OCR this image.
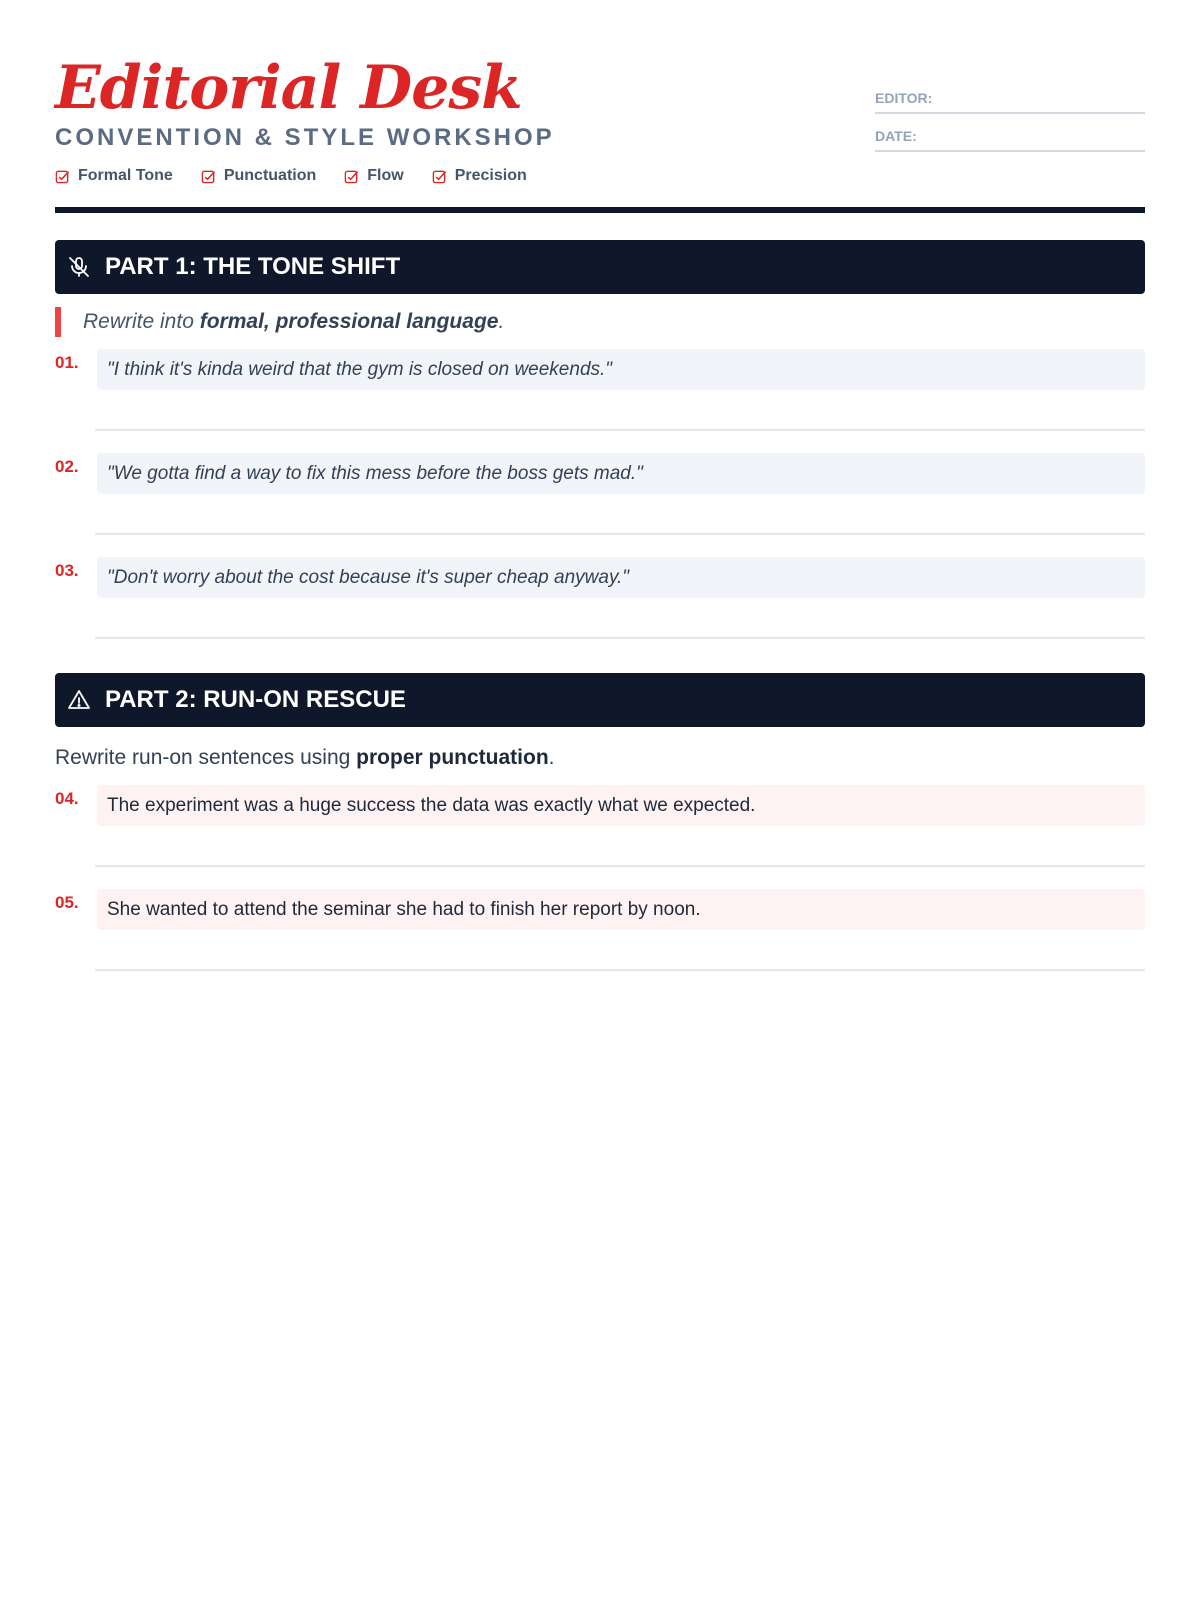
Editorial Desk
CONVENTION & STYLE WORKSHOP
Formal Tone	Punctuation	Flow	Precision
EDITOR:
DATE:
PART 1: THE TONE SHIFT
Rewrite into formal, professional language.
01.	"I think it's kinda weird that the gym is closed on weekends."
02.	"We gotta find a way to fix this mess before the boss gets mad."
03.	"Don't worry about the cost because it's super cheap anyway."
PART 2: RUN-ON RESCUE
Rewrite run-on sentences using proper punctuation.
04.	The experiment was a huge success the data was exactly what we expected.
05.	She wanted to attend the seminar she had to finish her report by noon.
